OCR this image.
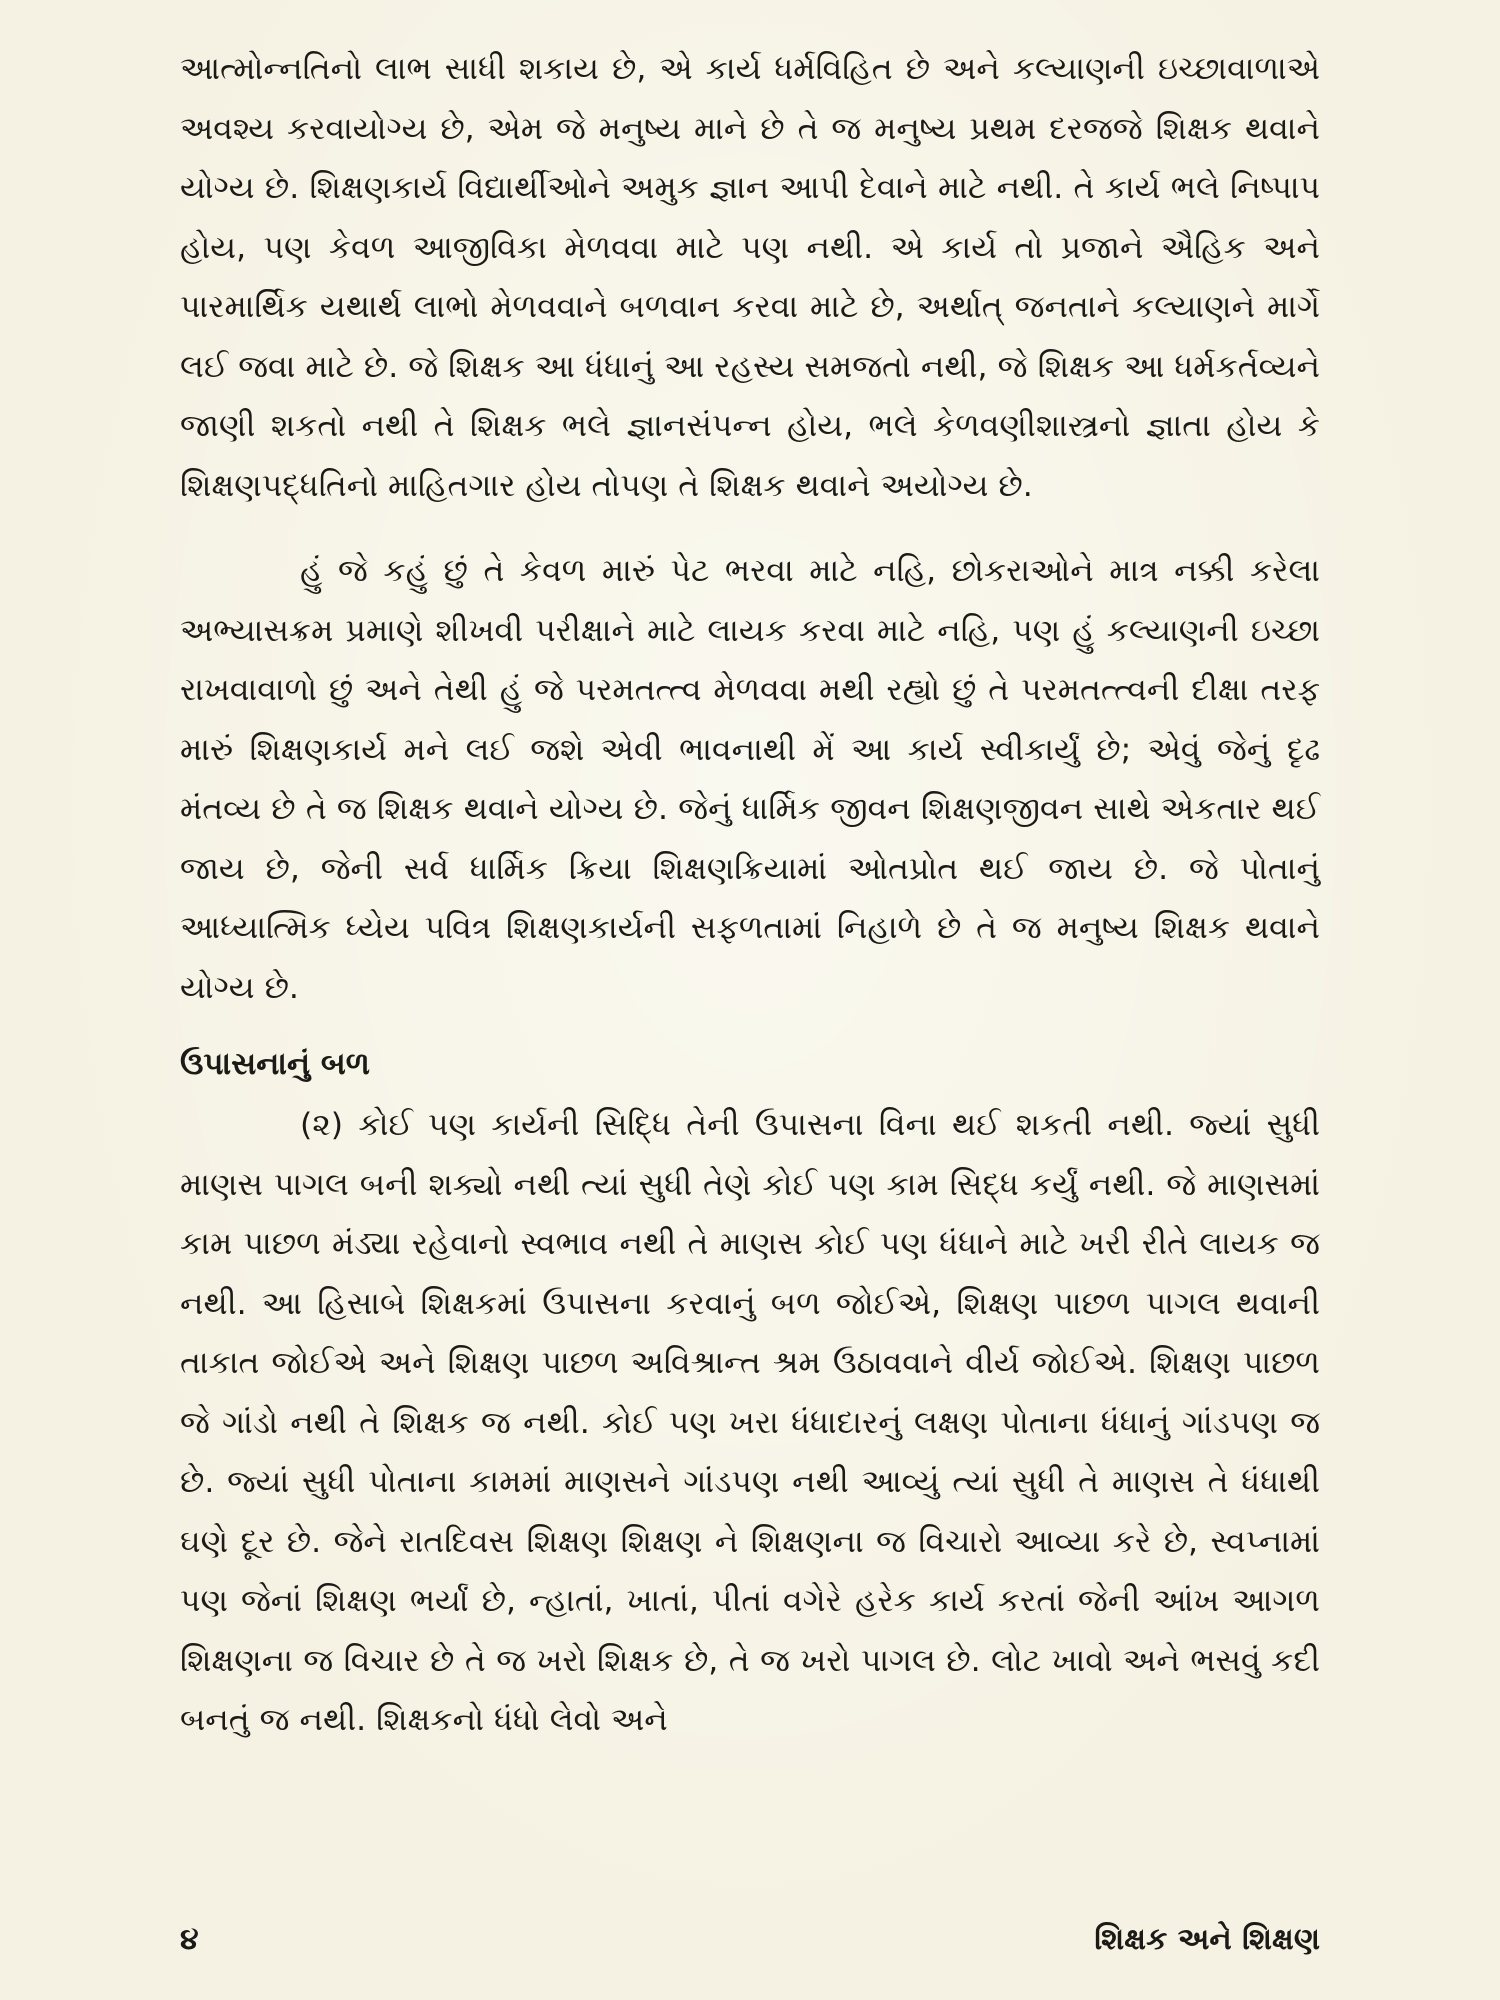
આત્મોન્નતિનો લાભ સાધી શકાય છે, એ કાર્ય ધર્મવિહિત છે અને કલ્યાણની ઇચ્છાવાળાએ અવશ્ય કરવાયોગ્ય છે, એમ જે મનુષ્ય માને છે તે જ મનુષ્ય પ્રથમ દરજજે શિક્ષક થવાને યોગ્ય છે. શિક્ષણકાર્ય વિદ્યાર્થીઓને અમુક જ્ઞાન આપી દેવાને માટે નથી. તે કાર્ય ભલે નિષ્પાપ હોય, પણ કેવળ આજીવિકા મેળવવા માટે પણ નથી. એ કાર્ય તો પ્રજાને ઐહિક અને પારમાર્થિક યથાર્થ લાભો મેળવવાને બળવાન કરવા માટે છે, અર્થાત્ જનતાને કલ્યાણને માર્ગે લઈ જવા માટે છે. જે શિક્ષક આ ધંધાનું આ રહસ્ય સમજતો નથી, જે શિક્ષક આ ધર્મકર્તવ્યને જાણી શકતો નથી તે શિક્ષક ભલે જ્ઞાનસંપન્ન હોય, ભલે કેળવણીશાસ્ત્રનો જ્ઞાતા હોય કે શિક્ષણપદ્ધતિનો માહિતગાર હોય તોપણ તે શિક્ષક થવાને અયોગ્ય છે.

હું જે કહું છું તે કેવળ મારું પેટ ભરવા માટે નહિ, છોકરાઓને માત્ર નક્કી કરેલા અભ્યાસક્રમ પ્રમાણે શીખવી પરીક્ષાને માટે લાયક કરવા માટે નહિ, પણ હું કલ્યાણની ઇચ્છા રાખવાવાળો છું અને તેથી હું જે પરમતત્ત્વ મેળવવા મથી રહ્યો છું તે પરમતત્ત્વની દીક્ષા તરફ મારું શિક્ષણકાર્ય મને લઈ જશે એવી ભાવનાથી મેં આ કાર્ય સ્વીકાર્યું છે; એવું જેનું દૃઢ મંતવ્ય છે તે જ શિક્ષક થવાને યોગ્ય છે. જેનું ધાર્મિક જીવન શિક્ષણજીવન સાથે એકતાર થઈ જાય છે, જેની સર્વ ધાર્મિક ક્રિયા શિક્ષણક્રિયામાં ઓતપ્રોત થઈ જાય છે. જે પોતાનું આધ્યાત્મિક ધ્યેય પવિત્ર શિક્ષણકાર્યની સફળતામાં નિહાળે છે તે જ મનુષ્ય શિક્ષક થવાને યોગ્ય છે.

ઉપાસનાનું બળ

(૨) કોઈ પણ કાર્યની સિદ્ધિ તેની ઉપાસના વિના થઈ શકતી નથી. જ્યાં સુધી માણસ પાગલ બની શક્યો નથી ત્યાં સુધી તેણે કોઈ પણ કામ સિદ્ધ કર્યું નથી. જે માણસમાં કામ પાછળ મંડ્યા રહેવાનો સ્વભાવ નથી તે માણસ કોઈ પણ ધંધાને માટે ખરી રીતે લાયક જ નથી. આ હિસાબે શિક્ષકમાં ઉપાસના કરવાનું બળ જોઈએ, શિક્ષણ પાછળ પાગલ થવાની તાકાત જોઈએ અને શિક્ષણ પાછળ અવિશ્રાન્ત શ્રમ ઉઠાવવાને વીર્ય જોઈએ. શિક્ષણ પાછળ જે ગાંડો નથી તે શિક્ષક જ નથી. કોઈ પણ ખરા ધંધાદારનું લક્ષણ પોતાના ધંધાનું ગાંડપણ જ છે. જ્યાં સુધી પોતાના કામમાં માણસને ગાંડપણ નથી આવ્યું ત્યાં સુધી તે માણસ તે ધંધાથી ઘણે દૂર છે. જેને રાતદિવસ શિક્ષણ શિક્ષણ ને શિક્ષણના જ વિચારો આવ્યા કરે છે, સ્વપ્નામાં પણ જેનાં શિક્ષણ ભર્યાં છે, ન્હાતાં, ખાતાં, પીતાં વગેરે હરેક કાર્ય કરતાં જેની આંખ આગળ શિક્ષણના જ વિચાર છે તે જ ખરો શિક્ષક છે, તે જ ખરો પાગલ છે. લોટ ખાવો અને ભસવું કદી બનતું જ નથી. શિક્ષકનો ધંધો લેવો અને

૪	શિક્ષક અને શિક્ષણ
